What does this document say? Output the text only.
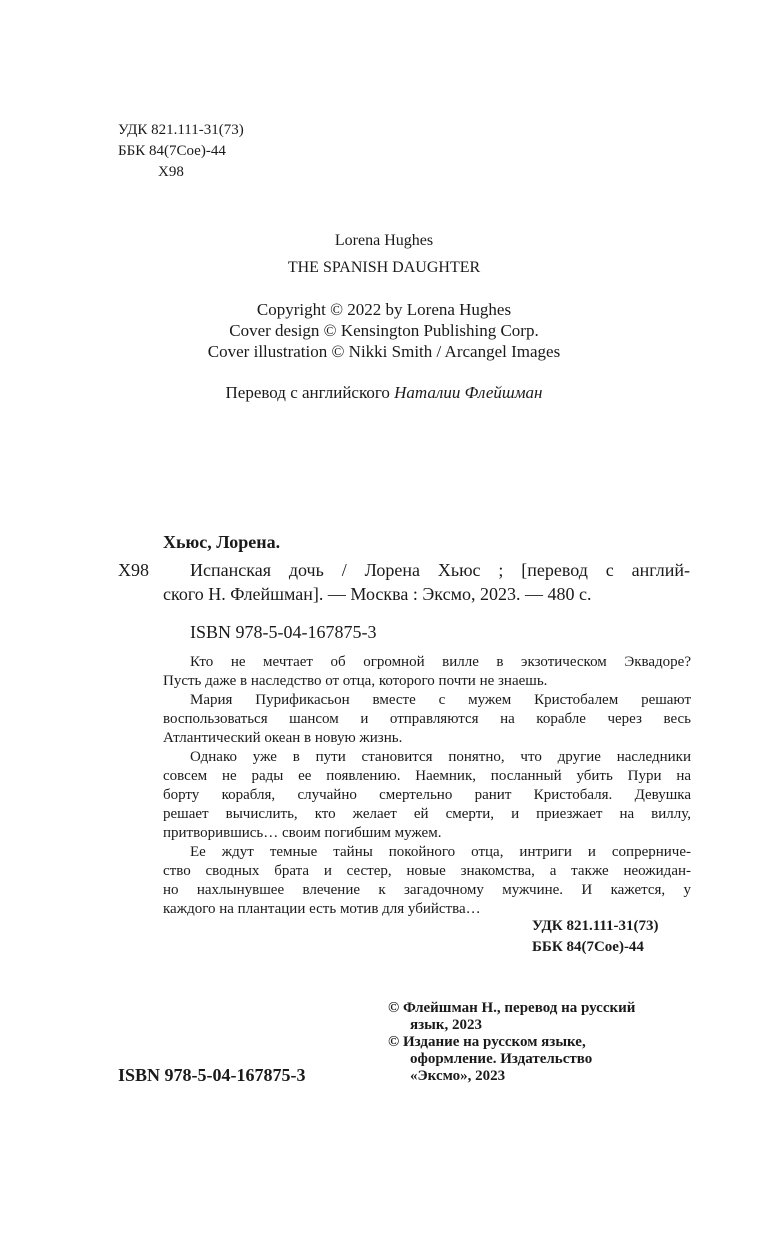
УДК 821.111-31(73)
ББК 84(7Сое)-44
Х98
Lorena Hughes
THE SPANISH DAUGHTER
Copyright © 2022 by Lorena Hughes
Cover design © Kensington Publishing Corp.
Cover illustration © Nikki Smith / Arcangel Images
Перевод с английского Наталии Флейшман
Хьюс, Лорена.
Х98 Испанская дочь / Лорена Хьюс ; [перевод с англий-
ского Н. Флейшман]. — Москва : Эксмо, 2023. — 480 с.
ISBN 978-5-04-167875-3
Кто не мечтает об огромной вилле в экзотическом Эквадоре?
Пусть даже в наследство от отца, которого почти не знаешь.
Мария Пурификасьон вместе с мужем Кристобалем решают
воспользоваться шансом и отправляются на корабле через весь
Атлантический океан в новую жизнь.
Однако уже в пути становится понятно, что другие наследники
совсем не рады ее появлению. Наемник, посланный убить Пури на
борту корабля, случайно смертельно ранит Кристобаля. Девушка
решает вычислить, кто желает ей смерти, и приезжает на виллу,
притворившись… своим погибшим мужем.
Ее ждут темные тайны покойного отца, интриги и сопрерниче-
ство сводных брата и сестер, новые знакомства, а также неожидан-
но нахлынувшее влечение к загадочному мужчине. И кажется, у
каждого на плантации есть мотив для убийства…
УДК 821.111-31(73)
ББК 84(7Сое)-44
© Флейшман Н., перевод на русский
язык, 2023
© Издание на русском языке,
оформление. Издательство
«Эксмо», 2023
ISBN 978-5-04-167875-3
